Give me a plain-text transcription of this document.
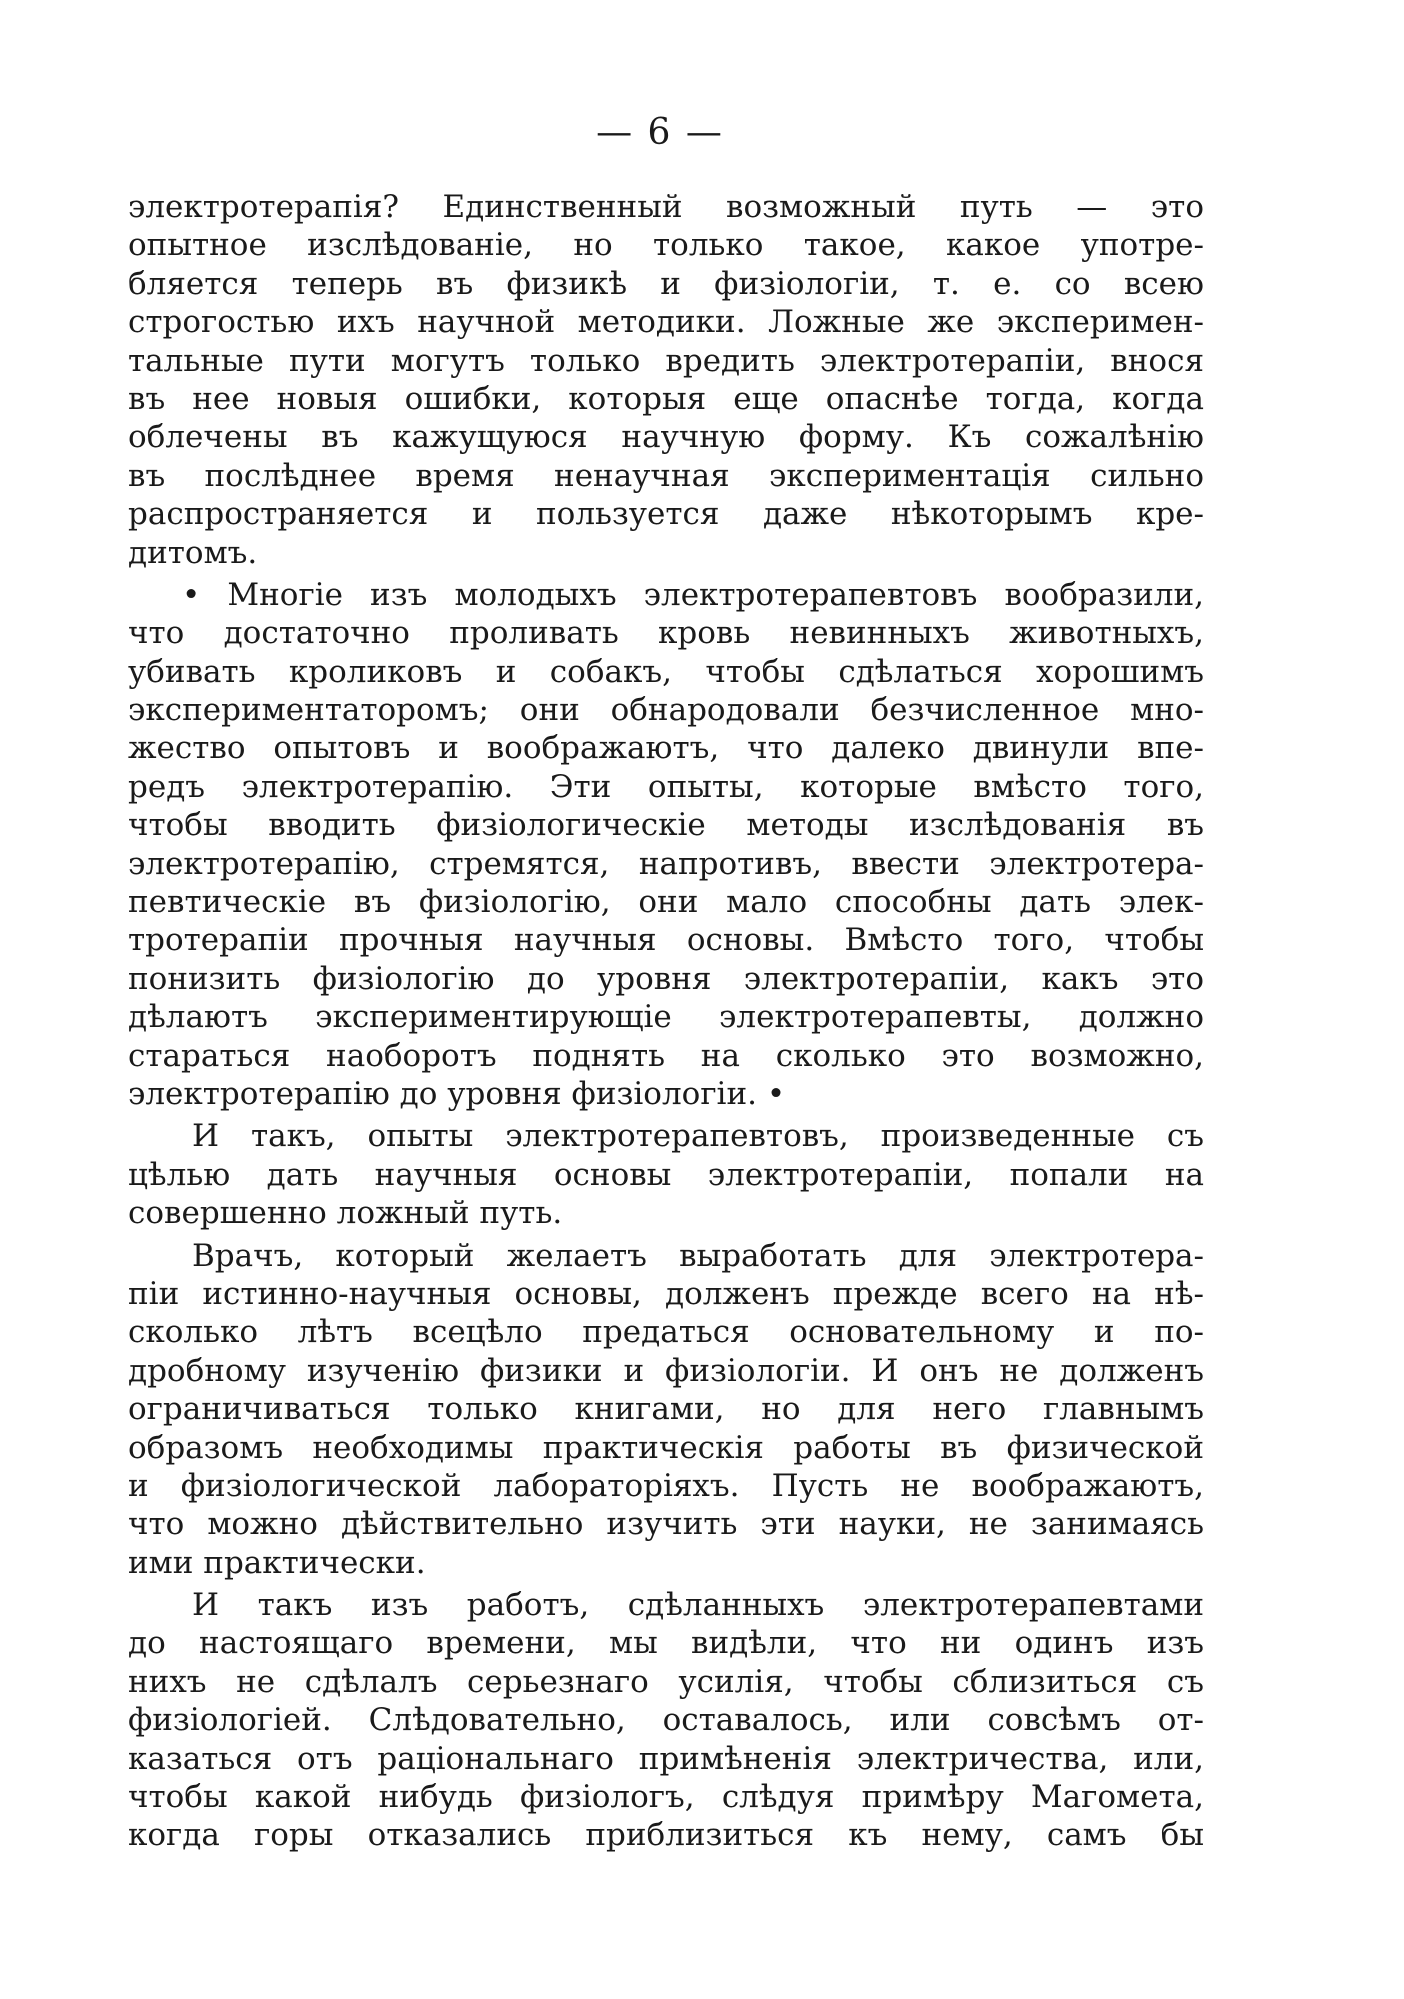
— 6 —
электротерапія? Единственный возможный путь — это
опытное изслѣдованіе, но только такое, какое употре-
бляется теперь въ физикѣ и физіологіи, т. е. со всею
строгостью ихъ научной методики. Ложные же эксперимен-
тальные пути могутъ только вредить электротерапіи, внося
въ нее новыя ошибки, которыя еще опаснѣе тогда, когда
облечены въ кажущуюся научную форму. Къ сожалѣнію
въ послѣднее время ненаучная экспериментація сильно
распространяется и пользуется даже нѣкоторымъ кре-
дитомъ.
• Многіе изъ молодыхъ электротерапевтовъ вообразили,
что достаточно проливать кровь невинныхъ животныхъ,
убивать кроликовъ и собакъ, чтобы сдѣлаться хорошимъ
экспериментаторомъ; они обнародовали безчисленное мно-
жество опытовъ и воображаютъ, что далеко двинули впе-
редъ электротерапію. Эти опыты, которые вмѣсто того,
чтобы вводить физіологическіе методы изслѣдованія въ
электротерапію, стремятся, напротивъ, ввести электротера-
певтическіе въ физіологію, они мало способны дать элек-
тротерапіи прочныя научныя основы. Вмѣсто того, чтобы
понизить физіологію до уровня электротерапіи, какъ это
дѣлаютъ экспериментирующіе электротерапевты, должно
стараться наоборотъ поднять на сколько это возможно,
электротерапію до уровня физіологіи. •
И такъ, опыты электротерапевтовъ, произведенные съ
цѣлью дать научныя основы электротерапіи, попали на
совершенно ложный путь.
Врачъ, который желаетъ выработать для электротера-
піи истинно-научныя основы, долженъ прежде всего на нѣ-
сколько лѣтъ всецѣло предаться основательному и по-
дробному изученію физики и физіологіи. И онъ не долженъ
ограничиваться только книгами, но для него главнымъ
образомъ необходимы практическія работы въ физической
и физіологической лабораторіяхъ. Пусть не воображаютъ,
что можно дѣйствительно изучить эти науки, не занимаясь
ими практически.
И такъ изъ работъ, сдѣланныхъ электротерапевтами
до настоящаго времени, мы видѣли, что ни одинъ изъ
нихъ не сдѣлалъ серьезнаго усилія, чтобы сблизиться съ
физіологіей. Слѣдовательно, оставалось, или совсѣмъ от-
казаться отъ раціональнаго примѣненія электричества, или,
чтобы какой нибудь физіологъ, слѣдуя примѣру Магомета,
когда горы отказались приблизиться къ нему, самъ бы
